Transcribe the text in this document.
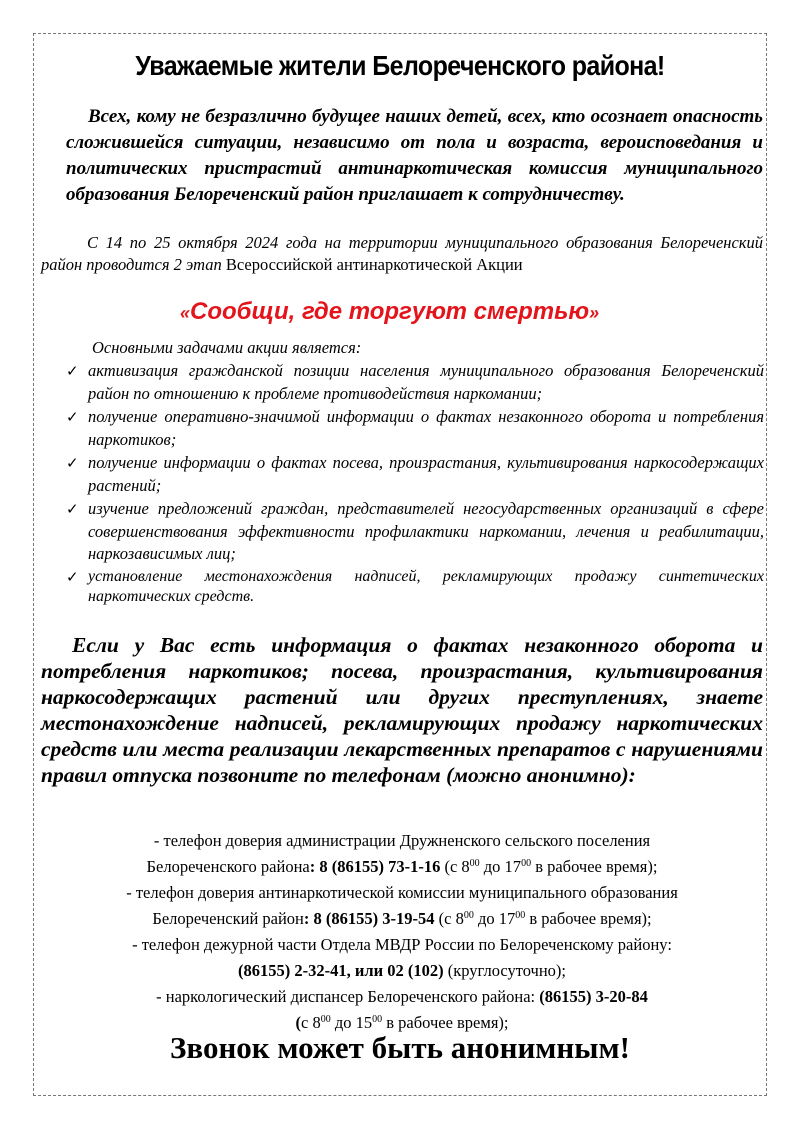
Уважаемые жители Белореченского района!

Всех, кому не безразлично будущее наших детей, всех, кто осознает опасность сложившейся ситуации, независимо от пола и возраста, вероисповедания и политических пристрастий антинаркотическая комиссия муниципального образования Белореченский район приглашает к сотрудничеству.

С 14 по 25 октября 2024 года на территории муниципального образования Белореченский район проводится 2 этап Всероссийской антинаркотической Акции

«Сообщи, где торгуют смертью»
Основными задачами акции является:
✓ активизация гражданской позиции населения муниципального образования Белореченский район по отношению к проблеме противодействия наркомании;
✓ получение оперативно-значимой информации о фактах незаконного оборота и потребления наркотиков;
✓ получение информации о фактах посева, произрастания, культивирования наркосодержащих растений;
✓ изучение предложений граждан, представителей негосударственных организаций в сфере совершенствования эффективности профилактики наркомании, лечения и реабилитации, наркозависимых лиц;
✓ установление местонахождения надписей, рекламирующих продажу синтетических наркотических средств.

Если у Вас есть информация о фактах незаконного оборота и потребления наркотиков; посева, произрастания, культивирования наркосодержащих растений или других преступлениях, знаете местонахождение надписей, рекламирующих продажу наркотических средств или места реализации лекарственных препаратов с нарушениями правил отпуска позвоните по телефонам (можно анонимно):

- телефон доверия администрации Дружненского сельского поселения
Белореченского района: 8 (86155) 73-1-16 (с $8^{00}$ до $17^{00}$ в рабочее время);
- телефон доверия антинаркотической комиссии муниципального образования
Белореченский район: 8 (86155) 3-19-54 (с $8^{00}$ до $17^{00}$ в рабочее время);
- телефон дежурной части Отдела МВДР России по Белореченскому району:
(86155) 2-32-41, или 02 (102) (круглосуточно);
- наркологический диспансер Белореченского района: (86155) 3-20-84
(с $8^{00}$ до $15^{00}$ в рабочее время);
Звонок может быть анонимным!
